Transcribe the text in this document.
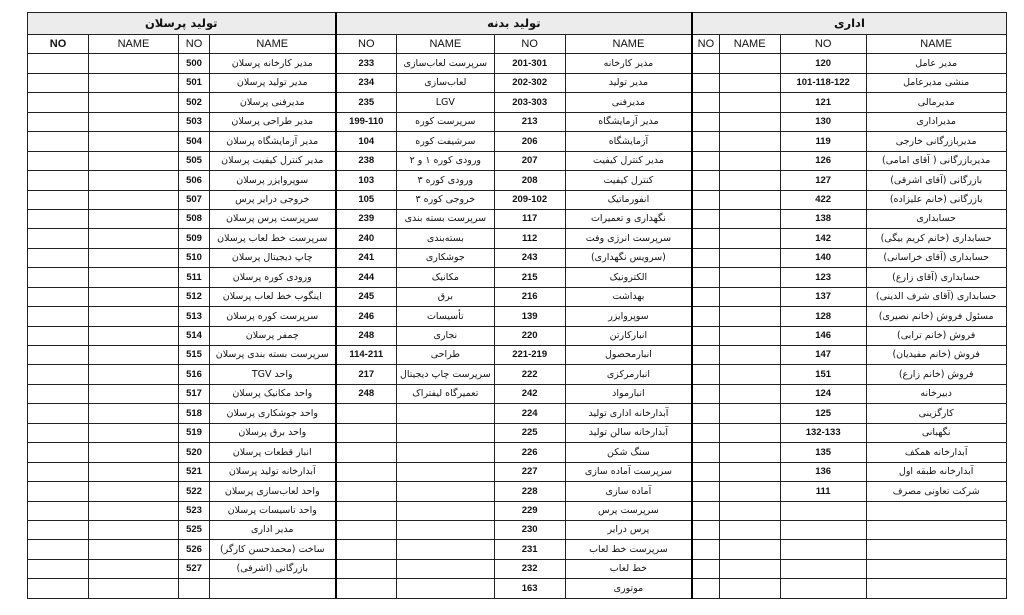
تولید پرسلان				تولید بدنه				اداری			
NO	NAME	NO	NAME	NO	NAME	NO	NAME	NO	NAME	NO	NAME
		500	مدیر کارخانه پرسلان	233	سرپرست لعاب‌سازی	201-301	مدیر کارخانه			120	مدیر عامل
		501	مدیر تولید پرسلان	234	لعاب‌سازی	202-302	مدیر تولید			101-118-122	منشی مدیرعامل
		502	مدیرفنی پرسلان	235	LGV	203-303	مدیرفنی			121	مدیرمالی
		503	مدیر طراحی پرسلان	199-110	سرپرست کوره	213	مدیر آزمایشگاه			130	مدیراداری
		504	مدیر آزمایشگاه پرسلان	104	سرشیفت کوره	206	آزمایشگاه			119	مدیربازرگانی خارجی
		505	مدیر کنترل کیفیت پرسلان	238	ورودی کوره ۱ و ۲	207	مدیر کنترل کیفیت			126	مدیربازرگانی ( آقای امامی)
		506	سوپروایزر پرسلان	103	ورودی کوره ۳	208	کنترل کیفیت			127	بازرگانی (آقای اشرقی)
		507	خروجی درایر پرس	105	خروجی کوره ۳	209-102	انفورماتیک			422	بازرگانی (خانم علیزاده)
		508	سرپرست پرس پرسلان	239	سرپرست بسته بندی	117	نگهداری و تعمیرات			138	حسابداری
		509	سرپرست خط لعاب پرسلان	240	بسته‌بندی	112	سرپرست انرژی وفت			142	حسابداری (خانم کریم بیگی)
		510	چاپ دیجیتال پرسلان	241	جوشکاری	243	(سرویس نگهداری)			140	حسابداری (آقای خراسانی)
		511	ورودی کوره پرسلان	244	مکانیک	215	الکترونیک			123	حسابداری (آقای زارع)
		512	اینگوب خط لعاب پرسلان	245	برق	216	بهداشت			137	حسابداری (آقای شرف الدینی)
		513	سرپرست کوره پرسلان	246	تأسیسات	139	سوپروایزر			128	مسئول فروش (خانم نصیری)
		514	چمفر پرسلان	248	نجاری	220	انبارکارتن			146	فروش (خانم ترابی)
		515	سرپرست بسته بندی پرسلان	114-211	طراحی	221-219	انبارمحصول			147	فروش (خانم مفیدیان)
		516	واحد TGV	217	سرپرست چاپ دیجیتال	222	انبارمرکزی			151	فروش (خانم زارع)
		517	واحد مکانیک پرسلان	248	تعمیرگاه لیفتراک	242	انبارمواد			124	دبیرخانه
		518	واحد جوشکاری پرسلان			224	آبدارخانه اداری تولید			125	کارگزینی
		519	واحد برق پرسلان			225	آبدارخانه سالن تولید			132-133	نگهبانی
		520	انبار قطعات پرسلان			226	سنگ شکن			135	آبدارخانه همکف
		521	آبدارخانه تولید پرسلان			227	سرپرست آماده سازی			136	آبدارخانه طبقه اول
		522	واحد لعاب‌سازی پرسلان			228	آماده سازی			111	شرکت تعاونی مصرف
		523	واحد تاسیسات پرسلان			229	سرپرست پرس				
		525	مدیر اداری			230	پرس درایر				
		526	ساخت (محمدحسن کارگر)			231	سرپرست خط لعاب				
		527	بازرگانی (اشرفی)			232	خط لعاب				
						163	موتوری				
